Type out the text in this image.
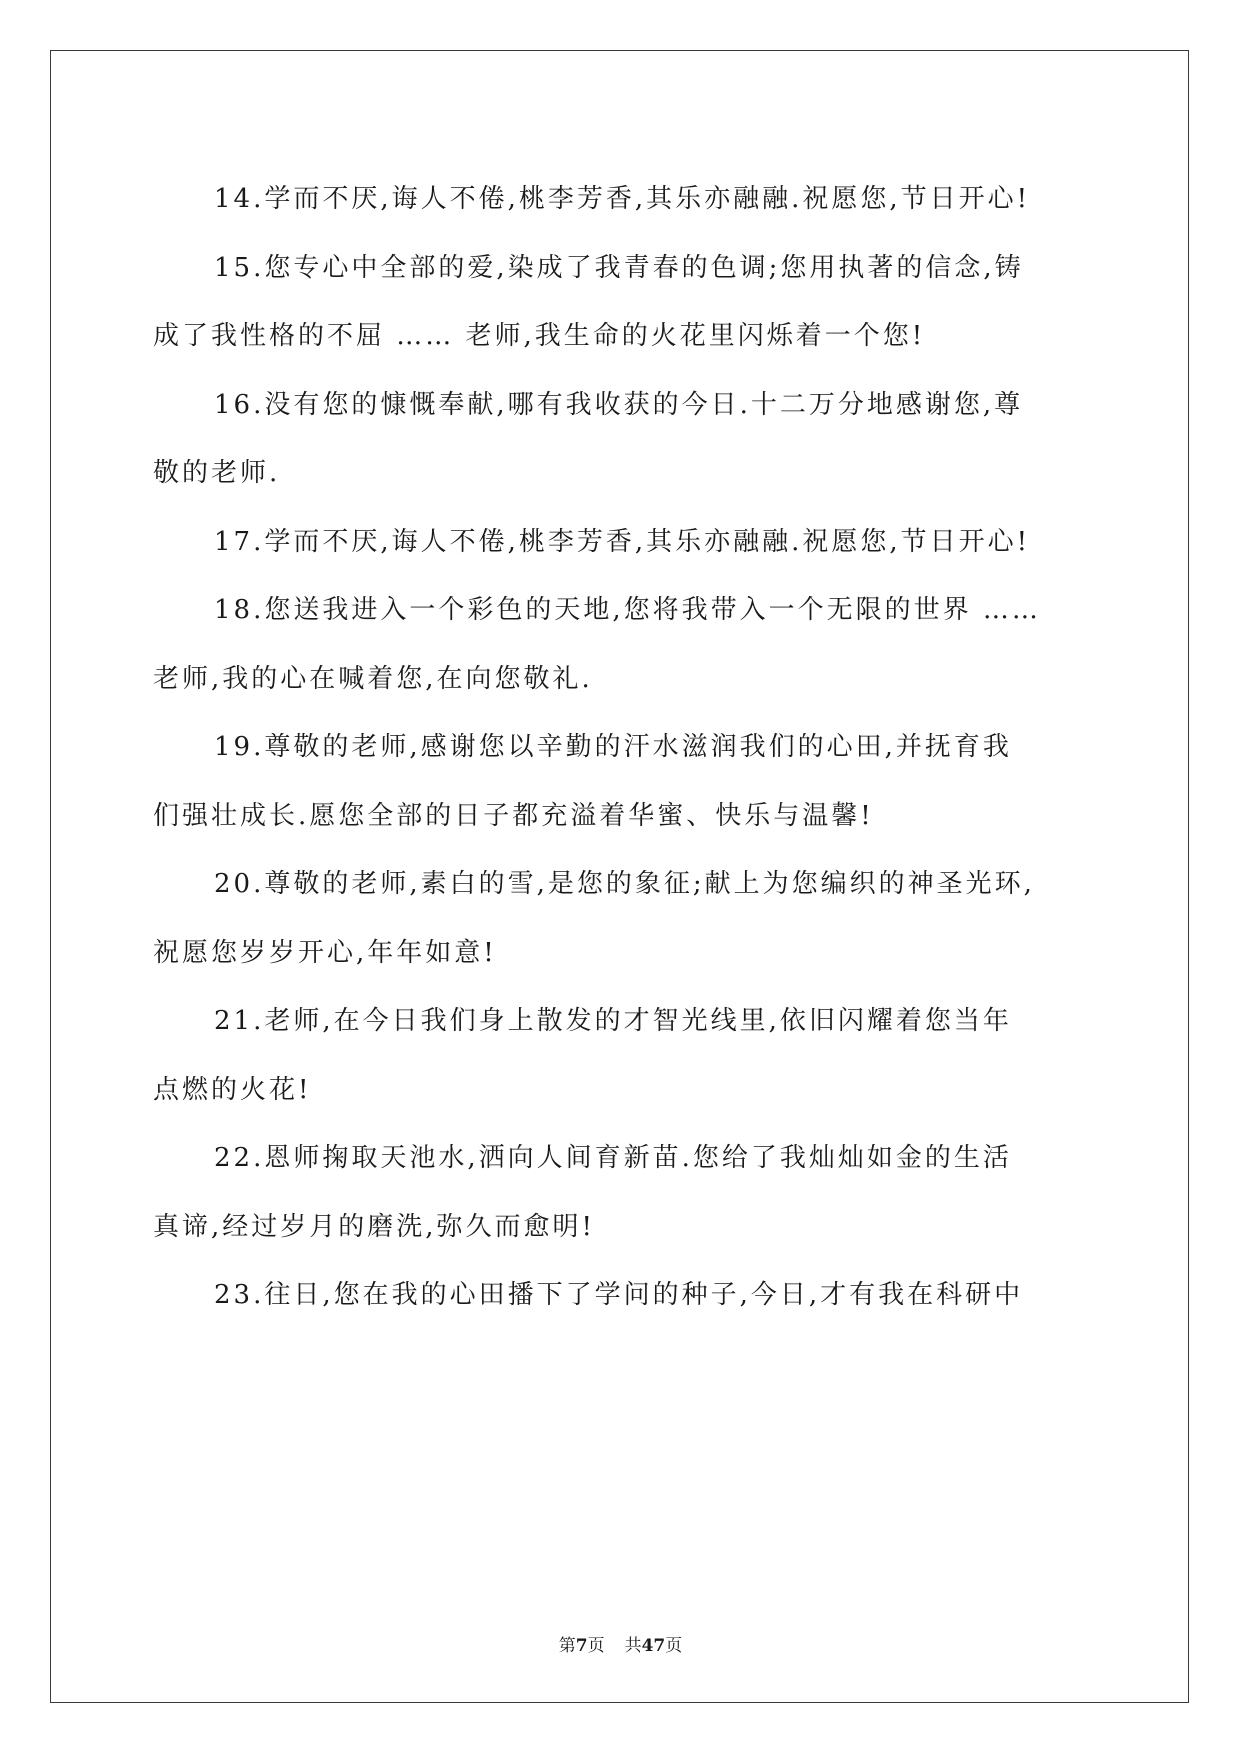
14.学而不厌,诲人不倦,桃李芳香,其乐亦融融.祝愿您,节日开心!

15.您专心中全部的爱,染成了我青春的色调;您用执著的信念,铸
成了我性格的不屈 …… 老师,我生命的火花里闪烁着一个您!

16.没有您的慷慨奉献,哪有我收获的今日.十二万分地感谢您,尊
敬的老师.

17.学而不厌,诲人不倦,桃李芳香,其乐亦融融.祝愿您,节日开心!

18.您送我进入一个彩色的天地,您将我带入一个无限的世界 ……
老师,我的心在喊着您,在向您敬礼.

19.尊敬的老师,感谢您以辛勤的汗水滋润我们的心田,并抚育我
们强壮成长.愿您全部的日子都充溢着华蜜、快乐与温馨!

20.尊敬的老师,素白的雪,是您的象征;献上为您编织的神圣光环,
祝愿您岁岁开心,年年如意!

21.老师,在今日我们身上散发的才智光线里,依旧闪耀着您当年
点燃的火花!

22.恩师掬取天池水,洒向人间育新苗.您给了我灿灿如金的生活
真谛,经过岁月的磨洗,弥久而愈明!

23.往日,您在我的心田播下了学问的种子,今日,才有我在科研中

第7页 共47页
